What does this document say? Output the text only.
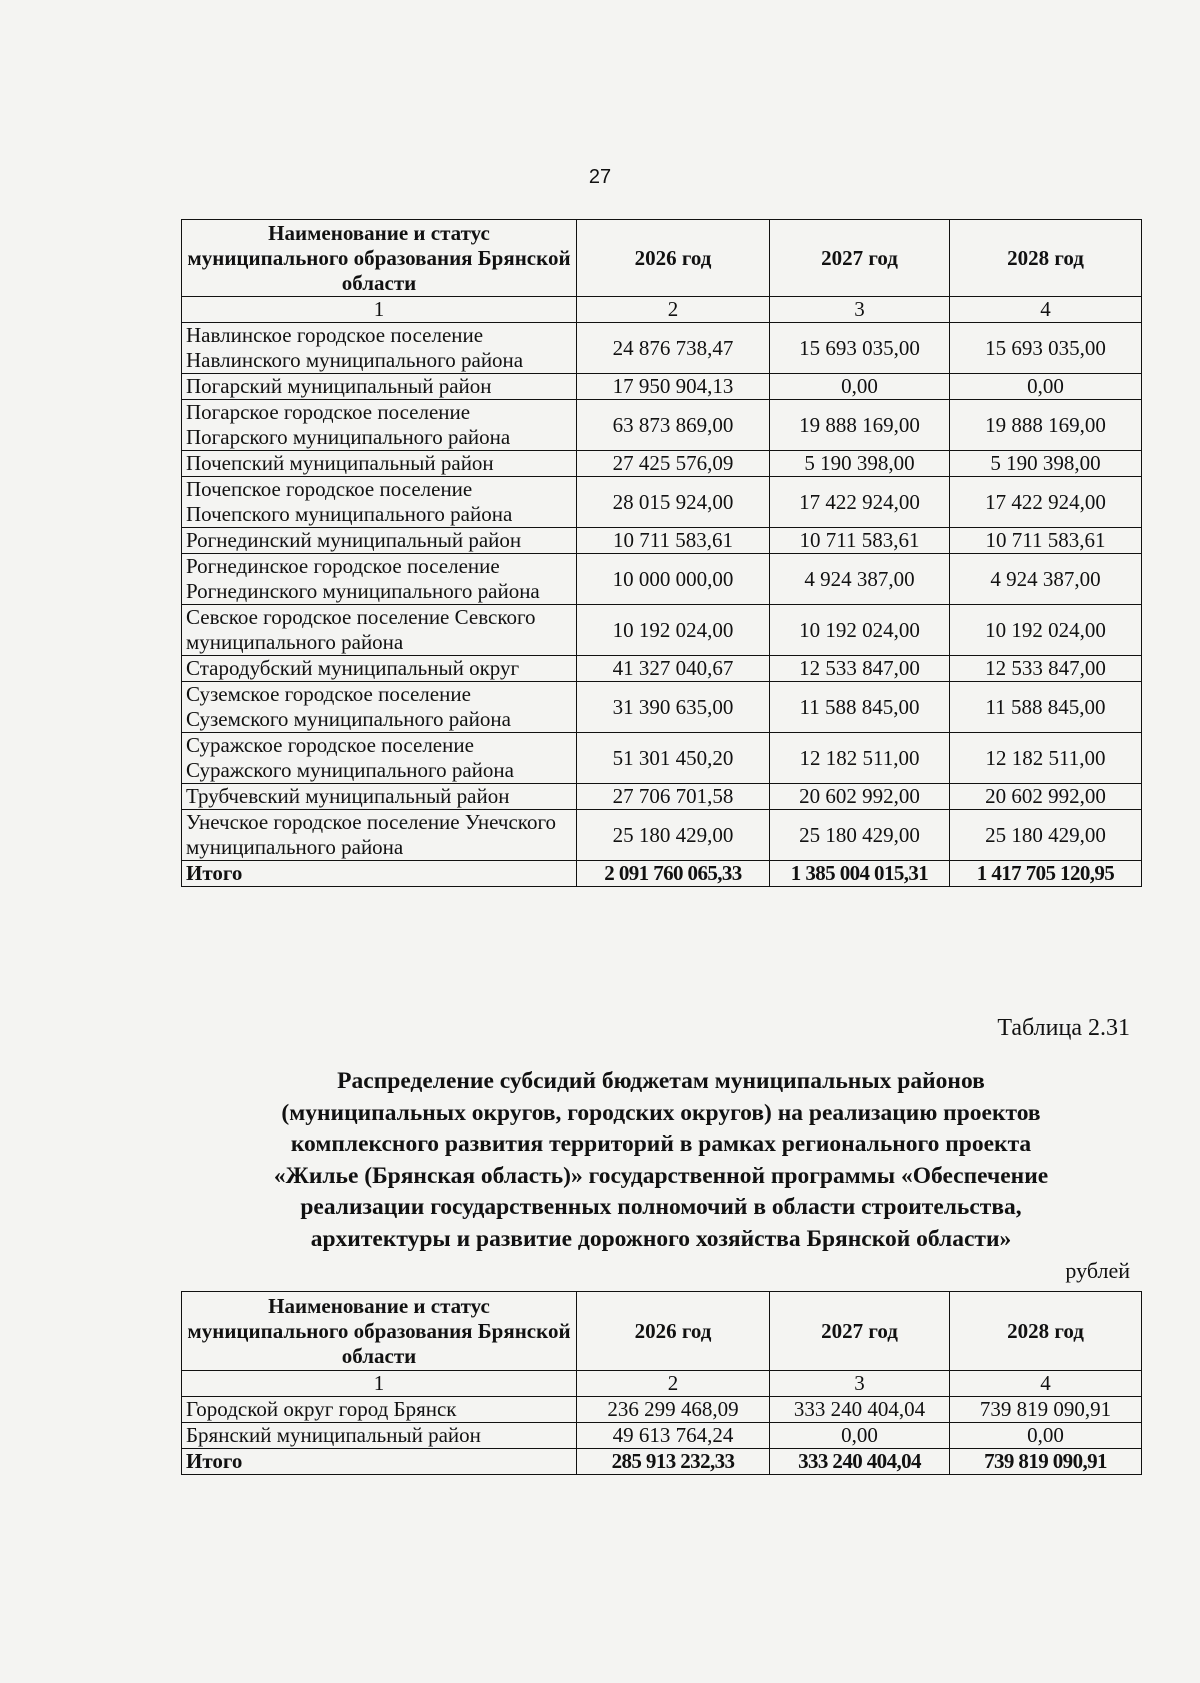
27
Наименование и статус муниципального образования Брянской области	2026 год	2027 год	2028 год
1	2	3	4
Навлинское городское поселение Навлинского муниципального района	24 876 738,47	15 693 035,00	15 693 035,00
Погарский муниципальный район	17 950 904,13	0,00	0,00
Погарское городское поселение Погарского муниципального района	63 873 869,00	19 888 169,00	19 888 169,00
Почепский муниципальный район	27 425 576,09	5 190 398,00	5 190 398,00
Почепское городское поселение Почепского муниципального района	28 015 924,00	17 422 924,00	17 422 924,00
Рогнединский муниципальный район	10 711 583,61	10 711 583,61	10 711 583,61
Рогнединское городское поселение Рогнединского муниципального района	10 000 000,00	4 924 387,00	4 924 387,00
Севское городское поселение Севского муниципального района	10 192 024,00	10 192 024,00	10 192 024,00
Стародубский муниципальный округ	41 327 040,67	12 533 847,00	12 533 847,00
Суземское городское поселение Суземского муниципального района	31 390 635,00	11 588 845,00	11 588 845,00
Суражское городское поселение Суражского муниципального района	51 301 450,20	12 182 511,00	12 182 511,00
Трубчевский муниципальный район	27 706 701,58	20 602 992,00	20 602 992,00
Унечское городское поселение Унечского муниципального района	25 180 429,00	25 180 429,00	25 180 429,00
Итого	2 091 760 065,33	1 385 004 015,31	1 417 705 120,95
Таблица 2.31
Распределение субсидий бюджетам муниципальных районов
(муниципальных округов, городских округов) на реализацию проектов
комплексного развития территорий в рамках регионального проекта
«Жилье (Брянская область)» государственной программы «Обеспечение
реализации государственных полномочий в области строительства,
архитектуры и развитие дорожного хозяйства Брянской области»
рублей
Наименование и статус муниципального образования Брянской области	2026 год	2027 год	2028 год
1	2	3	4
Городской округ город Брянск	236 299 468,09	333 240 404,04	739 819 090,91
Брянский муниципальный район	49 613 764,24	0,00	0,00
Итого	285 913 232,33	333 240 404,04	739 819 090,91
